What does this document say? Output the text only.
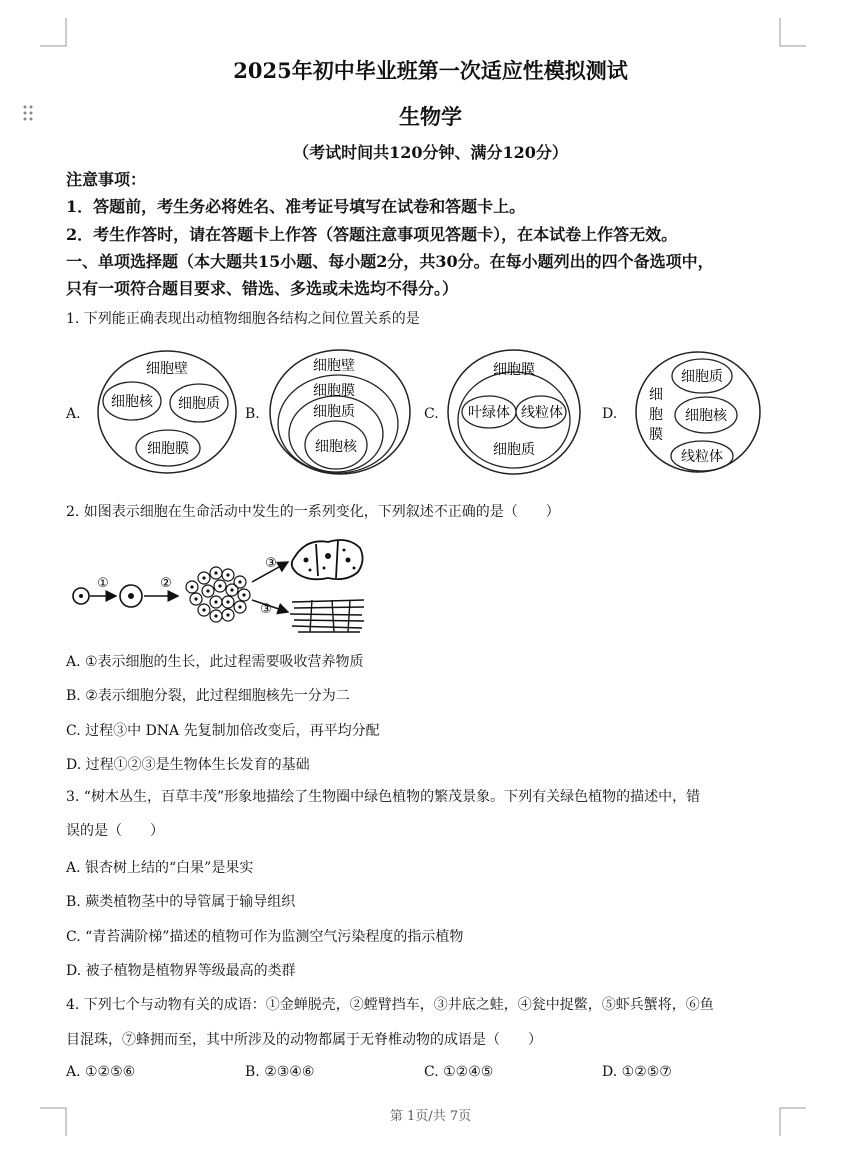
2025年初中毕业班第一次适应性模拟测试
生物学
（考试时间共120分钟、满分120分）
注意事项：
1．答题前，考生务必将姓名、准考证号填写在试卷和答题卡上。
2．考生作答时，请在答题卡上作答（答题注意事项见答题卡），在本试卷上作答无效。
一、单项选择题（本大题共15小题、每小题2分，共30分。在每小题列出的四个备选项中，
只有一项符合题目要求、错选、多选或未选均不得分。）
1. 下列能正确表现出动植物细胞各结构之间位置关系的是
A.	B.	C.	D.
细胞壁
细胞核 细胞质
细胞膜
细胞壁
细胞膜
细胞质
细胞核
细胞膜
叶绿体 线粒体
细胞质
细
胞
膜
细胞质
细胞核
线粒体
2. 如图表示细胞在生命活动中发生的一系列变化，下列叙述不正确的是（　　）
①	②
③
③
A. ①表示细胞的生长，此过程需要吸收营养物质
B. ②表示细胞分裂，此过程细胞核先一分为二
C. 过程③中 DNA 先复制加倍改变后，再平均分配
D. 过程①②③是生物体生长发育的基础
3. “树木丛生，百草丰茂”形象地描绘了生物圈中绿色植物的繁茂景象。下列有关绿色植物的描述中，错
误的是（　　）
A. 银杏树上结的“白果”是果实
B. 蕨类植物茎中的导管属于输导组织
C. “青苔满阶梯”描述的植物可作为监测空气污染程度的指示植物
D. 被子植物是植物界等级最高的类群
4. 下列七个与动物有关的成语：①金蝉脱壳，②螳臂挡车，③井底之蛙，④瓮中捉鳖，⑤虾兵蟹将，⑥鱼
目混珠，⑦蜂拥而至，其中所涉及的动物都属于无脊椎动物的成语是（　　）
A. ①②⑤⑥	B. ②③④⑥	C. ①②④⑤	D. ①②⑤⑦
第 1页/共 7页
